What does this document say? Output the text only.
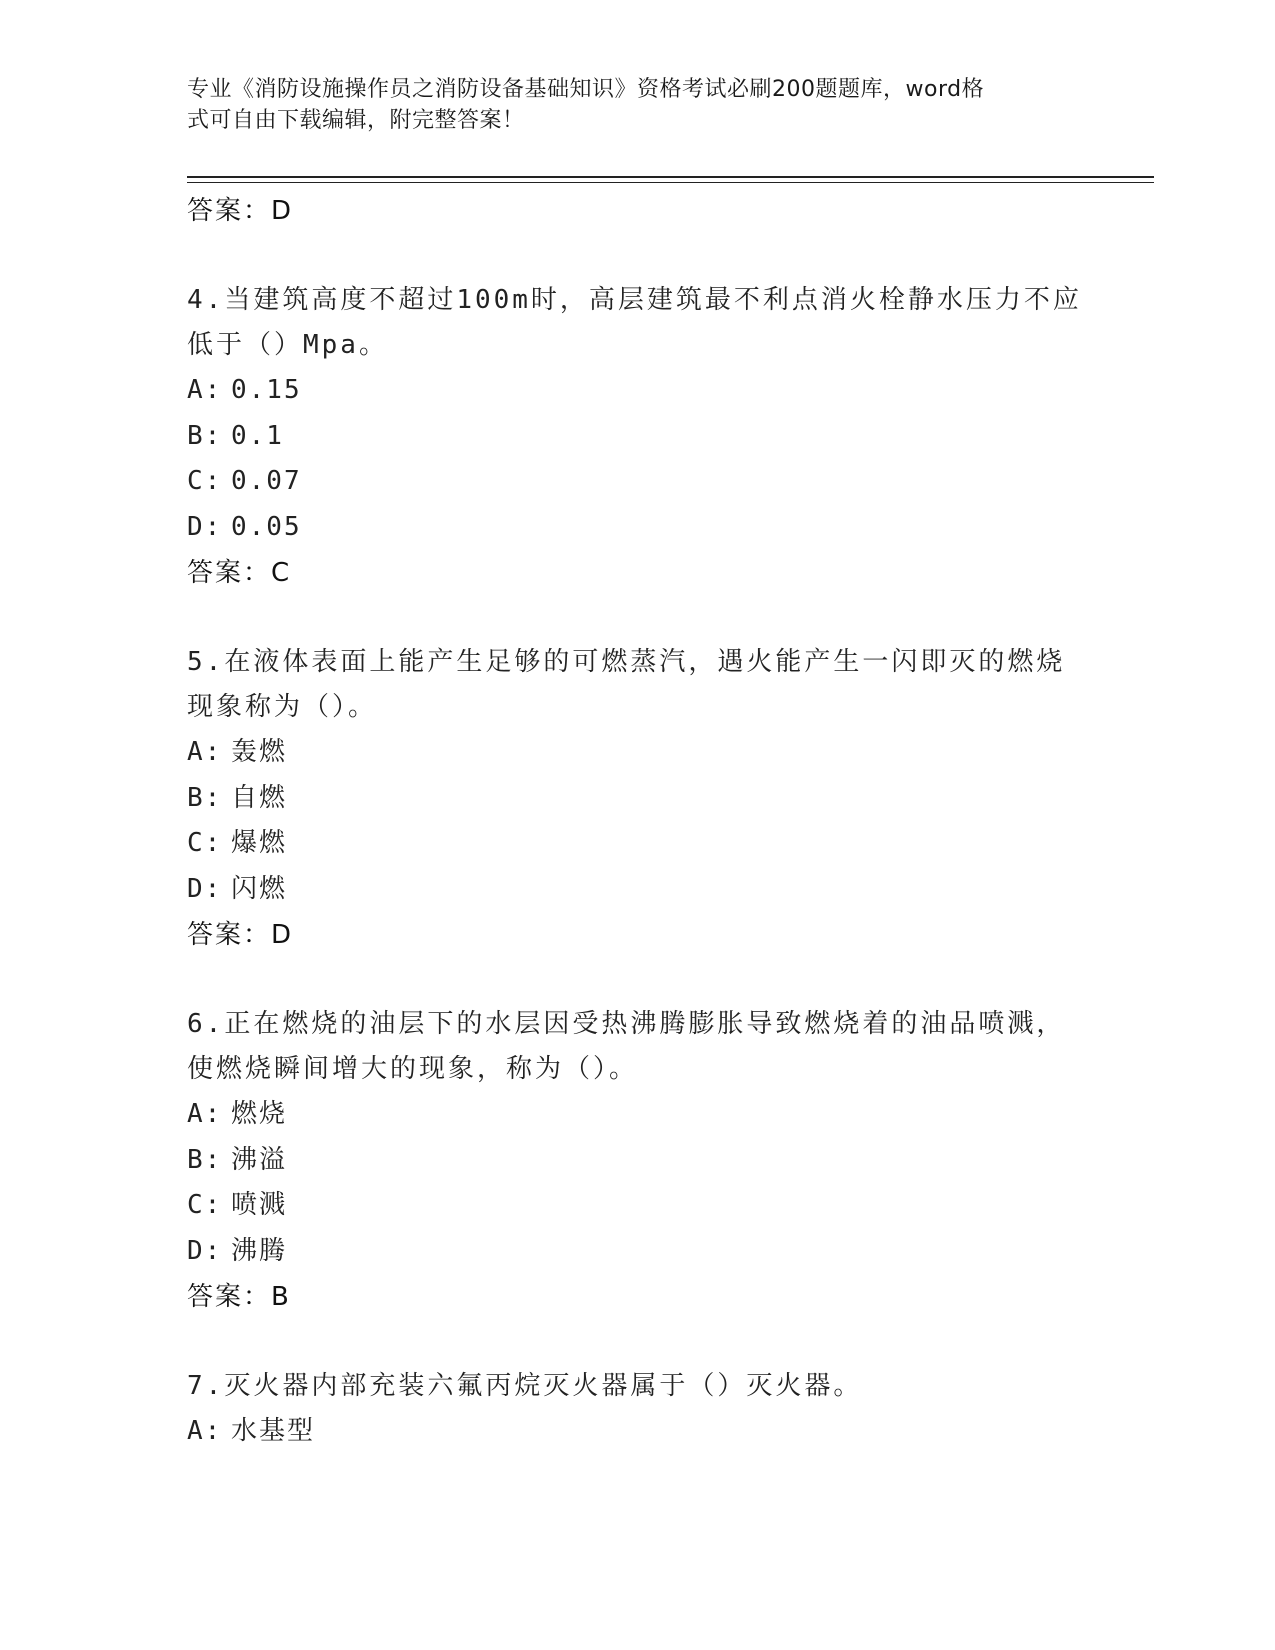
专业《消防设施操作员之消防设备基础知识》资格考试必刷200题题库，word格
式可自由下载编辑，附完整答案！
答案：D
4.当建筑高度不超过100m时，高层建筑最不利点消火栓静水压力不应
低于（）Mpa。
A: 0.15
B: 0.1
C: 0.07
D: 0.05
答案：C
5.在液体表面上能产生足够的可燃蒸汽，遇火能产生一闪即灭的燃烧
现象称为（）。
A: 轰燃
B: 自燃
C: 爆燃
D: 闪燃
答案：D
6.正在燃烧的油层下的水层因受热沸腾膨胀导致燃烧着的油品喷溅，
使燃烧瞬间增大的现象，称为（）。
A: 燃烧
B: 沸溢
C: 喷溅
D: 沸腾
答案：B
7.灭火器内部充装六氟丙烷灭火器属于（）灭火器。
A: 水基型
